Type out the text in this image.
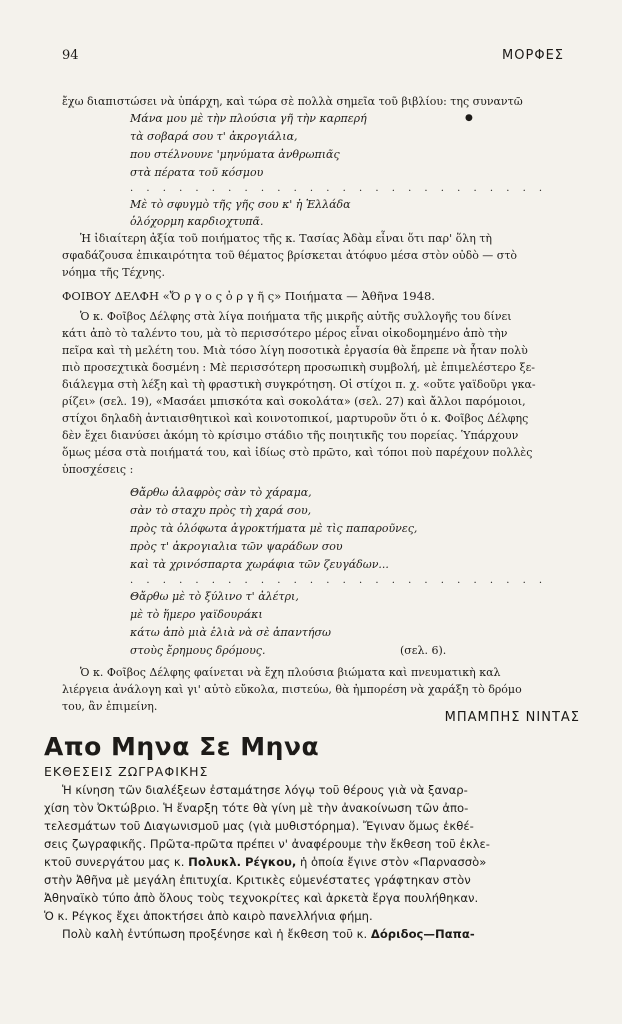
94	ΜΟΡΦΕΣ
ἔχω διαπιστώσει νὰ ὑπάρχη, καὶ τώρα σὲ πολλὰ σημεῖα τοῦ βιβλίου: της συναντῶ
Μάνα μου μὲ τὴν πλούσια γῆ τὴν καρπερή	●
τὰ σοβαρά σου τ' ἀκρογιάλια,
που στέλνουνε 'μηνύματα ἀνθρωπιᾶς
στὰ πέρατα τοῦ κόσμου
. . . . . . . . . . . . . . . . . . . . . . . . . .
Μὲ τὸ σφυγμὸ τῆς γῆς σου κ' ἡ Ἑλλάδα
ὁλόχορμη καρδιοχτυπᾶ.
Ἡ ἰδιαίτερη ἀξία τοῦ ποιήματος τῆς κ. Τασίας Ἀδὰμ εἶναι ὅτι παρ' ὅλη τὴ
σφαδάζουσα ἐπικαιρότητα τοῦ θέματος βρίσκεται ἀτόφυο μέσα στὸν οὐδὸ — στὸ
νόημα τῆς Τέχνης.
ΦΟΙΒΟΥ ΔΕΛΦΗ «Ὄ ρ γ ο ς ὀ ρ γ ῆ ς» Ποιήματα — Ἀθῆνα 1948.
Ὁ κ. Φοῖβος Δέλφης στὰ λίγα ποιήματα τῆς μικρῆς αὐτῆς συλλογῆς του δίνει
κάτι ἀπὸ τὸ ταλέντο του, μὰ τὸ περισσότερο μέρος εἶναι οἰκοδομημένο ἀπὸ τὴν
πεῖρα καὶ τὴ μελέτη του. Μιὰ τόσο λίγη ποσοτικὰ ἐργασία θὰ ἔπρεπε νὰ ἦταν πολὺ
πιὸ προσεχτικὰ δοσμένη : Μὲ περισσότερη προσωπικὴ συμβολή, μὲ ἐπιμελέστερο ξε-
διάλεγμα στὴ λέξη καὶ τὴ φραστικὴ συγκρότηση. Οἱ στίχοι π. χ. «οὔτε γαϊδοῦρι γκα-
ρίζει» (σελ. 19), «Μασάει μπισκότα καὶ σοκολάτα» (σελ. 27) καὶ ἄλλοι παρόμοιοι,
στίχοι δηλαδὴ ἀντιαισθητικοὶ καὶ κοινοτοπικοί, μαρτυροῦν ὅτι ὁ κ. Φοῖβος Δέλφης
δὲν ἔχει διανύσει ἀκόμη τὸ κρίσιμο στάδιο τῆς ποιητικῆς του πορείας. Ὑπάρχουν
ὅμως μέσα στὰ ποιήματά του, καὶ ἰδίως στὸ πρῶτο, καὶ τόποι ποὺ παρέχουν πολλὲς
ὑποσχέσεις :
Θἄρθω ἀλαφρὸς σὰν τὸ χάραμα,
σὰν τὸ σταχυ πρὸς τὴ χαρά σου,
πρὸς τὰ ὁλόφωτα ἀγροκτήματα μὲ τὶς παπαροῦνες,
πρὸς τ' ἀκρογιαλια τῶν ψαράδων σου
καὶ τὰ χρινόσπαρτα χωράφια τῶν ζευγάδων...
. . . . . . . . . . . . . . . . . . . . . . . . . .
Θἄρθω μὲ τὸ ξύλινο τ' ἀλέτρι,
μὲ τὸ ἥμερο γαϊδουράκι
κάτω ἀπὸ μιὰ ἐλιὰ νὰ σὲ ἀπαντήσω
στοὺς ἔρημους δρόμους.	(σελ. 6).
Ὁ κ. Φοῖβος Δέλφης φαίνεται νὰ ἔχη πλούσια βιώματα καὶ πνευματικὴ καλ
λιέργεια ἀνάλογη καὶ γι' αὐτὸ εὔκολα, πιστεύω, θὰ ἠμπορέση νὰ χαράξη τὸ δρόμο
του, ἂν ἐπιμείνη.
ΜΠΑΜΠΗΣ ΝΙΝΤΑΣ
Απο Μηνα Σε Μηνα
ΕΚΘΕΣΕΙΣ ΖΩΓΡΑΦΙΚΗΣ
Ἡ κίνηση τῶν διαλέξεων ἐσταμάτησε λόγῳ τοῦ θέρους γιὰ νὰ ξαναρ-
χίση τὸν Ὀκτώβριο. Ἡ ἔναρξη τότε θὰ γίνη μὲ τὴν ἀνακοίνωση τῶν ἀπο-
τελεσμάτων τοῦ Διαγωνισμοῦ μας (γιὰ μυθιστόρημα). Ἔγιναν ὅμως ἐκθέ-
σεις ζωγραφικῆς. Πρῶτα-πρῶτα πρέπει ν' ἀναφέρουμε τὴν ἔκθεση τοῦ ἐκλε-
κτοῦ συνεργάτου μας κ. Πολυκλ. Ρέγκου, ἡ ὁποία ἔγινε στὸν «Παρνασσὸ»
στὴν Ἀθῆνα μὲ μεγάλη ἐπιτυχία. Κριτικὲς εὐμενέστατες γράφτηκαν στὸν
Ἀθηναϊκὸ τύπο ἀπὸ ὅλους τοὺς τεχνοκρίτες καὶ ἀρκετὰ ἔργα πουλήθηκαν.
Ὁ κ. Ρέγκος ἔχει ἀποκτήσει ἀπὸ καιρὸ πανελλήνια φήμη.
Πολὺ καλὴ ἐντύπωση προξένησε καὶ ἡ ἔκθεση τοῦ κ. Δόριδος—Παπα-
